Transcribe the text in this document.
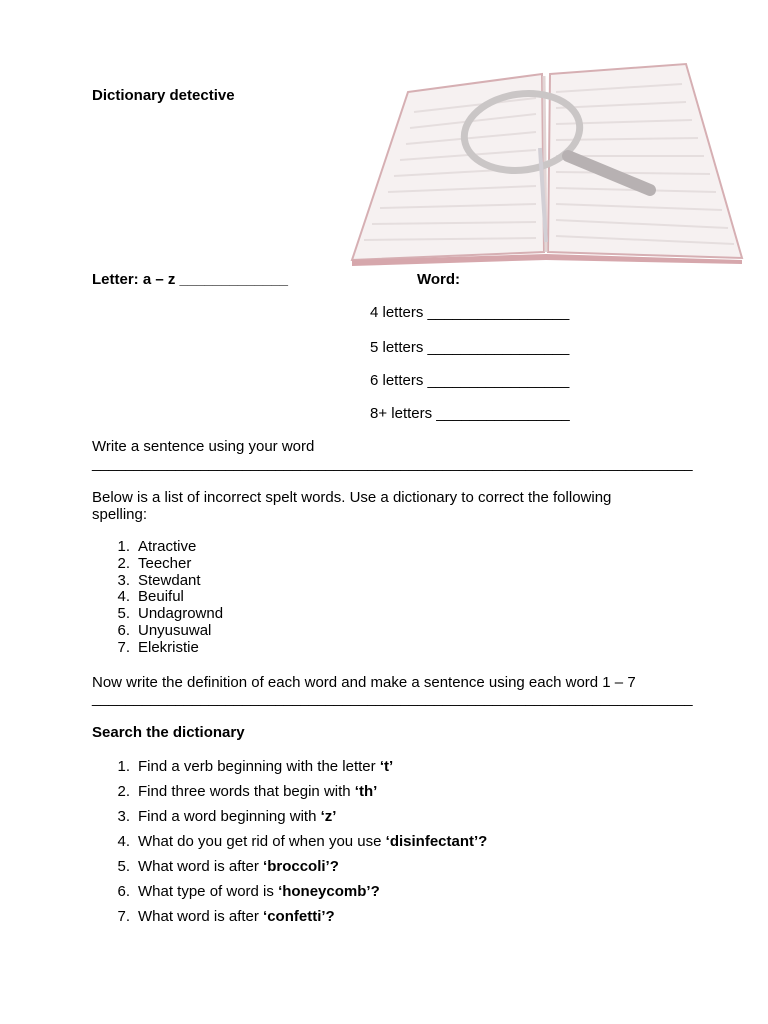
Dictionary detective
Letter: a – z _____________	Word:
4 letters _________________
5 letters _________________
6 letters _________________
8+ letters ________________
Write a sentence using your word
________________________________________________________________________
Below is a list of incorrect spelt words. Use a dictionary to correct the following
spelling:
1. Atractive
2. Teecher
3. Stewdant
4. Beuiful
5. Undagrownd
6. Unyusuwal
7. Elekristie
Now write the definition of each word and make a sentence using each word 1 – 7
________________________________________________________________________
Search the dictionary
1. Find a verb beginning with the letter ‘t’
2. Find three words that begin with ‘th’
3. Find a word beginning with ‘z’
4. What do you get rid of when you use ‘disinfectant’?
5. What word is after ‘broccoli’?
6. What type of word is ‘honeycomb’?
7. What word is after ‘confetti’?
